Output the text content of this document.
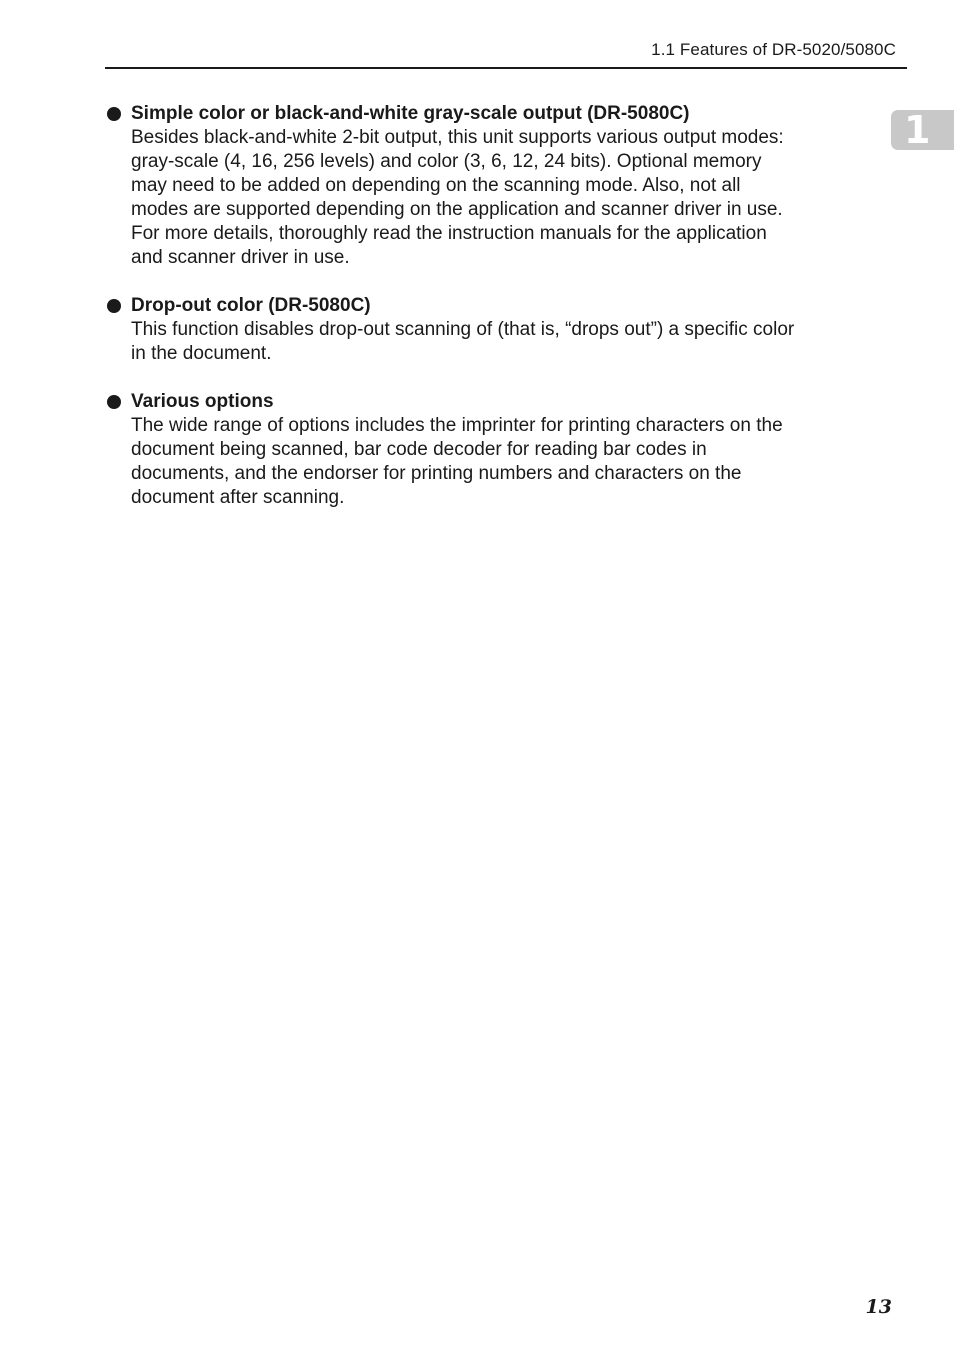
1.1 Features of DR-5020/5080C
1
Simple color or black-and-white gray-scale output (DR-5080C)
Besides black-and-white 2-bit output, this unit supports various output modes:
gray-scale (4, 16, 256 levels) and color (3, 6, 12, 24 bits). Optional memory
may need to be added on depending on the scanning mode. Also, not all
modes are supported depending on the application and scanner driver in use.
For more details, thoroughly read the instruction manuals for the application
and scanner driver in use.
Drop-out color (DR-5080C)
This function disables drop-out scanning of (that is, “drops out”) a specific color
in the document.
Various options
The wide range of options includes the imprinter for printing characters on the
document being scanned, bar code decoder for reading bar codes in
documents, and the endorser for printing numbers and characters on the
document after scanning.
13
